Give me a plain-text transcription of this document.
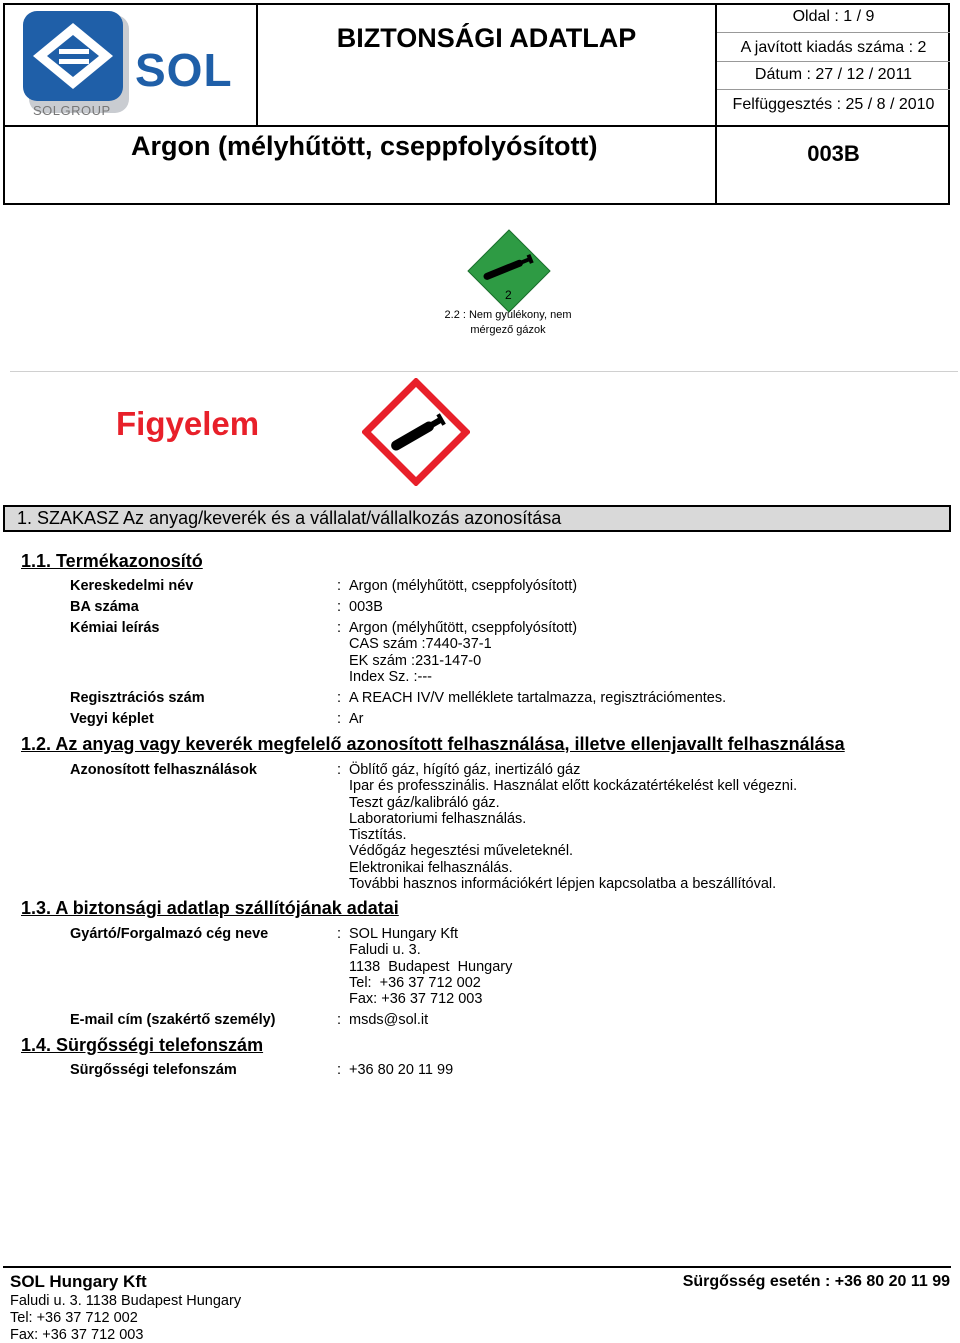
SOL
SOLGROUP
BIZTONSÁGI ADATLAP
Oldal : 1 / 9
A javított kiadás száma : 2
Dátum : 27 / 12 / 2011
Felfüggesztés : 25 / 8 / 2010
Argon (mélyhűtött, cseppfolyósított)	003B
2
2.2 : Nem gyúlékony, nem
mérgező gázok
Figyelem
1. SZAKASZ Az anyag/keverék és a vállalat/vállalkozás azonosítása
1.1. Termékazonosító
Kereskedelmi név	: Argon (mélyhűtött, cseppfolyósított)
BA száma	: 003B
Kémiai leírás	: Argon (mélyhűtött, cseppfolyósított)
CAS szám :7440-37-1
EK szám :231-147-0
Index Sz. :---
Regisztrációs szám	: A REACH IV/V melléklete tartalmazza, regisztrációmentes.
Vegyi képlet	: Ar
1.2. Az anyag vagy keverék megfelelő azonosított felhasználása, illetve ellenjavallt felhasználása
Azonosított felhasználások	: Öblítő gáz, hígító gáz, inertizáló gáz
Ipar és professzinális. Használat előtt kockázatértékelést kell végezni.
Teszt gáz/kalibráló gáz.
Laboratoriumi felhasználás.
Tisztítás.
Védőgáz hegesztési műveleteknél.
Elektronikai felhasználás.
További hasznos információkért lépjen kapcsolatba a beszállítóval.
1.3. A biztonsági adatlap szállítójának adatai
Gyártó/Forgalmazó cég neve	: SOL Hungary Kft
Faludi u. 3.
1138  Budapest  Hungary
Tel:  +36 37 712 002
Fax: +36 37 712 003
E-mail cím (szakértő személy)	: msds@sol.it
1.4. Sürgősségi telefonszám
Sürgősségi telefonszám	: +36 80 20 11 99
SOL Hungary Kft
Faludi u. 3. 1138 Budapest Hungary
Tel: +36 37 712 002
Fax: +36 37 712 003
Sürgősség esetén : +36 80 20 11 99
